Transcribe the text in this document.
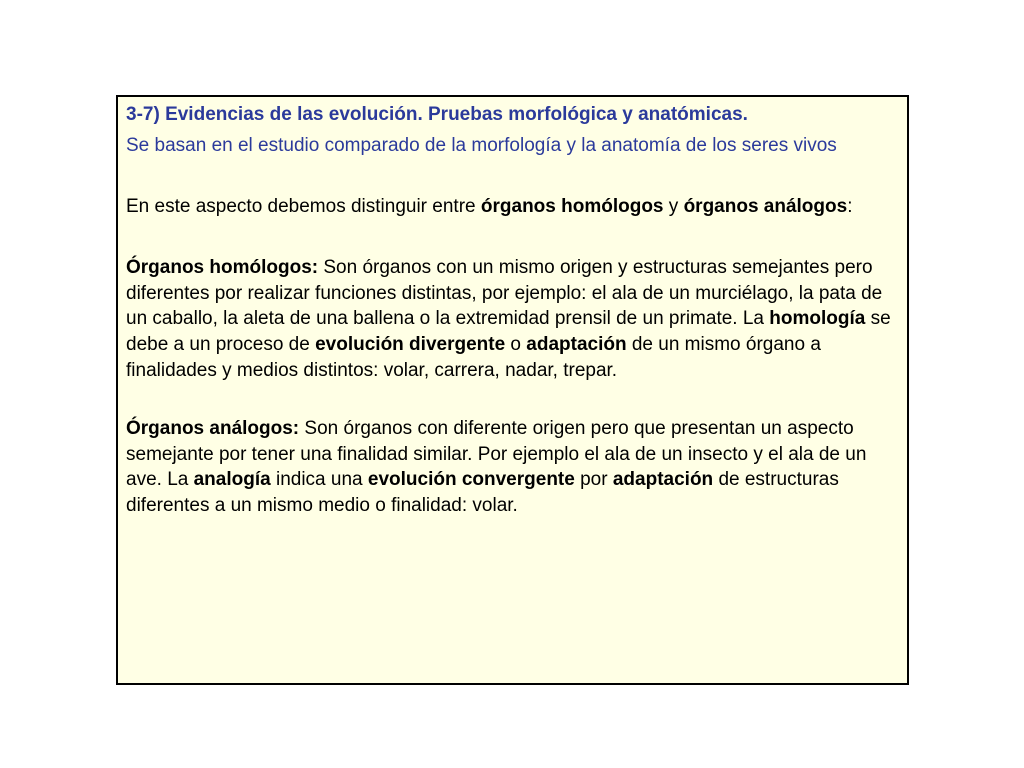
3-7) Evidencias de las evolución. Pruebas morfológica y anatómicas.

Se basan en el estudio comparado de la morfología y la anatomía de los seres vivos

En este aspecto debemos distinguir entre órganos homólogos y órganos análogos:

Órganos homólogos: Son órganos con un mismo origen y estructuras semejantes pero diferentes por realizar funciones distintas, por ejemplo: el ala de un murciélago, la pata de un caballo, la aleta de una ballena o la extremidad prensil de un primate. La homología se debe a un proceso de evolución divergente o adaptación de un mismo órgano a finalidades y medios distintos: volar, carrera, nadar, trepar.

Órganos análogos: Son órganos con diferente origen pero que presentan un aspecto semejante por tener una finalidad similar. Por ejemplo el ala de un insecto y el ala de un ave. La analogía indica una evolución convergente por adaptación de estructuras diferentes a un mismo medio o finalidad: volar.
